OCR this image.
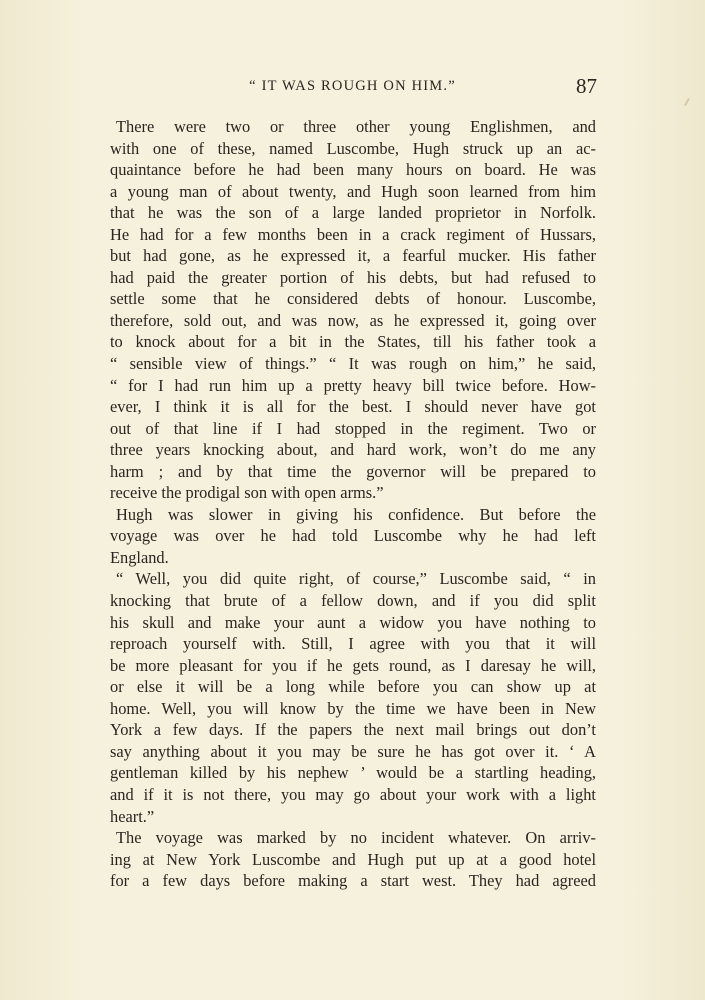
“ IT WAS ROUGH ON HIM.”	87
There were two or three other young Englishmen, and
with one of these, named Luscombe, Hugh struck up an ac-
quaintance before he had been many hours on board. He was
a young man of about twenty, and Hugh soon learned from him
that he was the son of a large landed proprietor in Norfolk.
He had for a few months been in a crack regiment of Hussars,
but had gone, as he expressed it, a fearful mucker. His father
had paid the greater portion of his debts, but had refused to
settle some that he considered debts of honour. Luscombe,
therefore, sold out, and was now, as he expressed it, going over
to knock about for a bit in the States, till his father took a
“ sensible view of things.” “ It was rough on him,” he said,
“ for I had run him up a pretty heavy bill twice before. How-
ever, I think it is all for the best. I should never have got
out of that line if I had stopped in the regiment. Two or
three years knocking about, and hard work, won’t do me any
harm ; and by that time the governor will be prepared to
receive the prodigal son with open arms.”
Hugh was slower in giving his confidence. But before the
voyage was over he had told Luscombe why he had left
England.
“ Well, you did quite right, of course,” Luscombe said, “ in
knocking that brute of a fellow down, and if you did split
his skull and make your aunt a widow you have nothing to
reproach yourself with. Still, I agree with you that it will
be more pleasant for you if he gets round, as I daresay he will,
or else it will be a long while before you can show up at
home. Well, you will know by the time we have been in New
York a few days. If the papers the next mail brings out don’t
say anything about it you may be sure he has got over it. ‘ A
gentleman killed by his nephew ’ would be a startling heading,
and if it is not there, you may go about your work with a light
heart.”
The voyage was marked by no incident whatever. On arriv-
ing at New York Luscombe and Hugh put up at a good hotel
for a few days before making a start west. They had agreed
